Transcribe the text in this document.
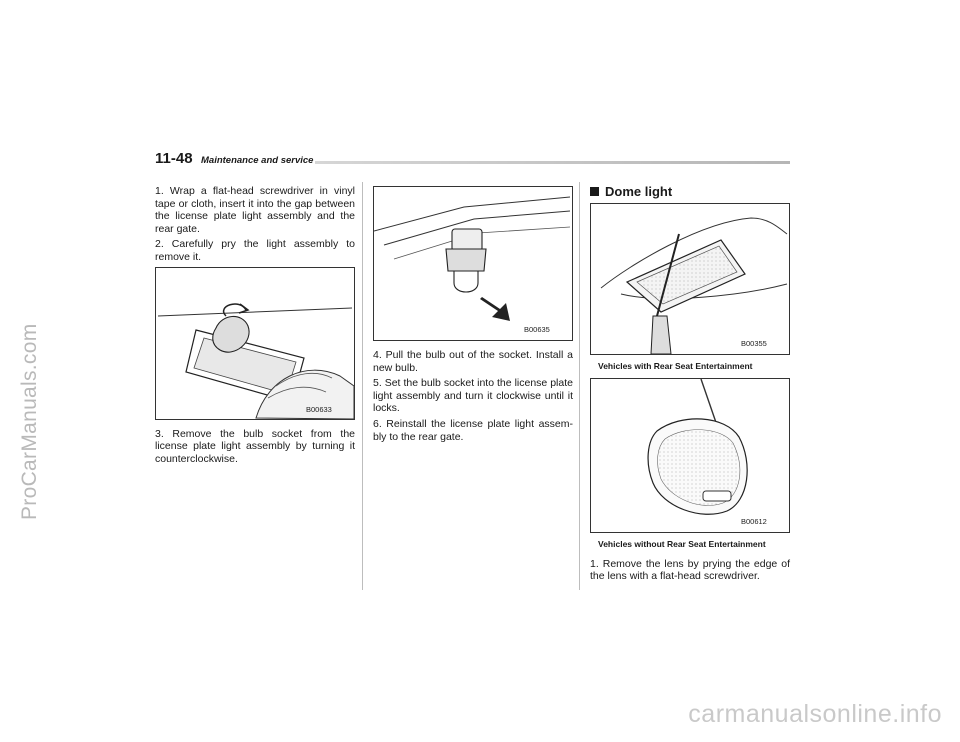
ProCarManuals.com
carmanualsonline.info
11-48 Maintenance and service

1. Wrap a flat-head screwdriver in vinyl tape or cloth, insert it into the gap between the license plate light assembly and the rear gate.

2. Carefully pry the light assembly to remove it.

B00633

3. Remove the bulb socket from the license plate light assembly by turning it counterclockwise.

B00635

4. Pull the bulb out of the socket. Install a new bulb.

5. Set the bulb socket into the license plate light assembly and turn it clockwise until it locks.

6. Reinstall the license plate light assem-bly to the rear gate.

Dome light
B00355
Vehicles with Rear Seat Entertainment
B00612
Vehicles without Rear Seat Entertainment

1. Remove the lens by prying the edge of the lens with a flat-head screwdriver.
